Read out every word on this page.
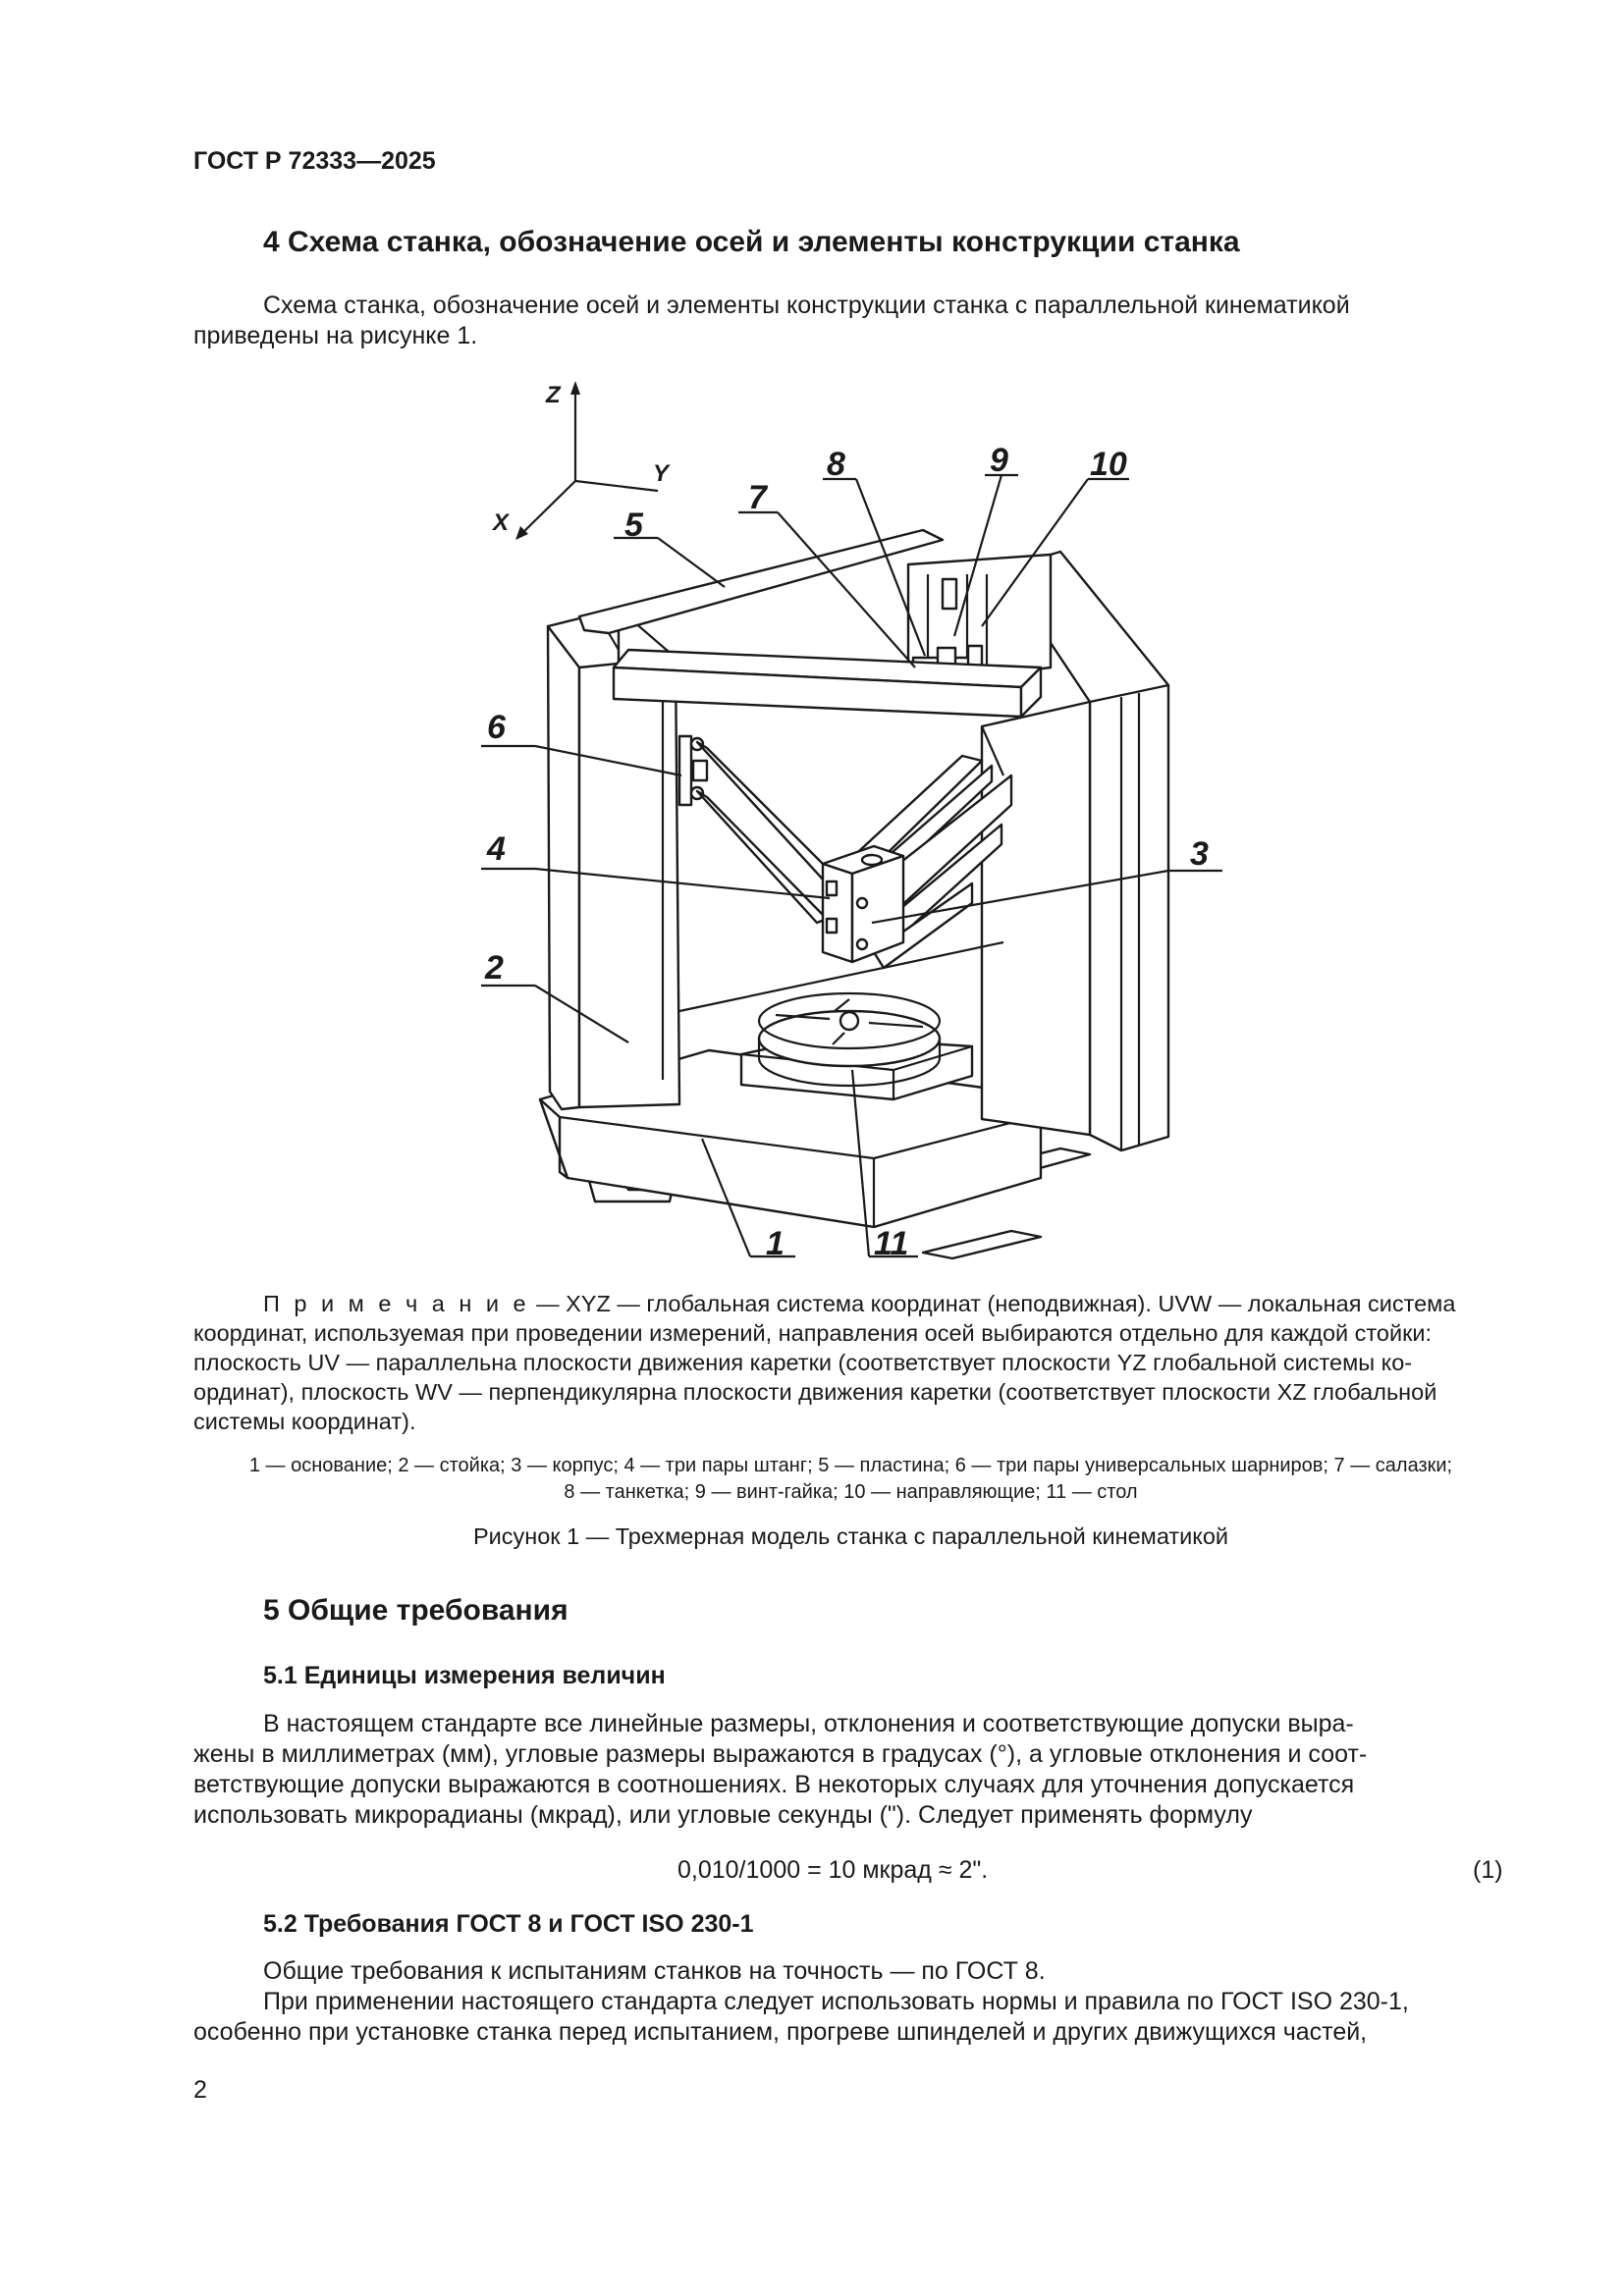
ГОСТ Р 72333—2025
4 Схема станка, обозначение осей и элементы конструкции станка
Схема станка, обозначение осей и элементы конструкции станка с параллельной кинематикой
приведены на рисунке 1.
Z
Y
X
1 1
2
3
4
5
6
7
8	9 10
11
П р и м е ч а н и е — XYZ — глобальная система координат (неподвижная). UVW — локальная система
координат, используемая при проведении измерений, направления осей выбираются отдельно для каждой стойки:
плоскость UV — параллельна плоскости движения каретки (соответствует плоскости YZ глобальной системы ко-
ординат), плоскость WV — перпендикулярна плоскости движения каретки (соответствует плоскости XZ глобальной
системы координат).
1 — основание; 2 — стойка; 3 — корпус; 4 — три пары штанг; 5 — пластина; 6 — три пары универсальных шарниров; 7 — салазки;
8 — танкетка; 9 — винт-гайка; 10 — направляющие; 11 — стол
Рисунок 1 — Трехмерная модель станка с параллельной кинематикой
5 Общие требования
5.1 Единицы измерения величин
В настоящем стандарте все линейные размеры, отклонения и соответствующие допуски выра-
жены в миллиметрах (мм), угловые размеры выражаются в градусах (°), а угловые отклонения и соот-
ветствующие допуски выражаются в соотношениях. В некоторых случаях для уточнения допускается
использовать микрорадианы (мкрад), или угловые секунды ("). Следует применять формулу
0,010/1000 = 10 мкрад ≈ 2".	(1)
5.2 Требования ГОСТ 8 и ГОСТ ISO 230-1
Общие требования к испытаниям станков на точность — по ГОСТ 8.
При применении настоящего стандарта следует использовать нормы и правила по ГОСТ ISO 230-1,
особенно при установке станка перед испытанием, прогреве шпинделей и других движущихся частей,
2
